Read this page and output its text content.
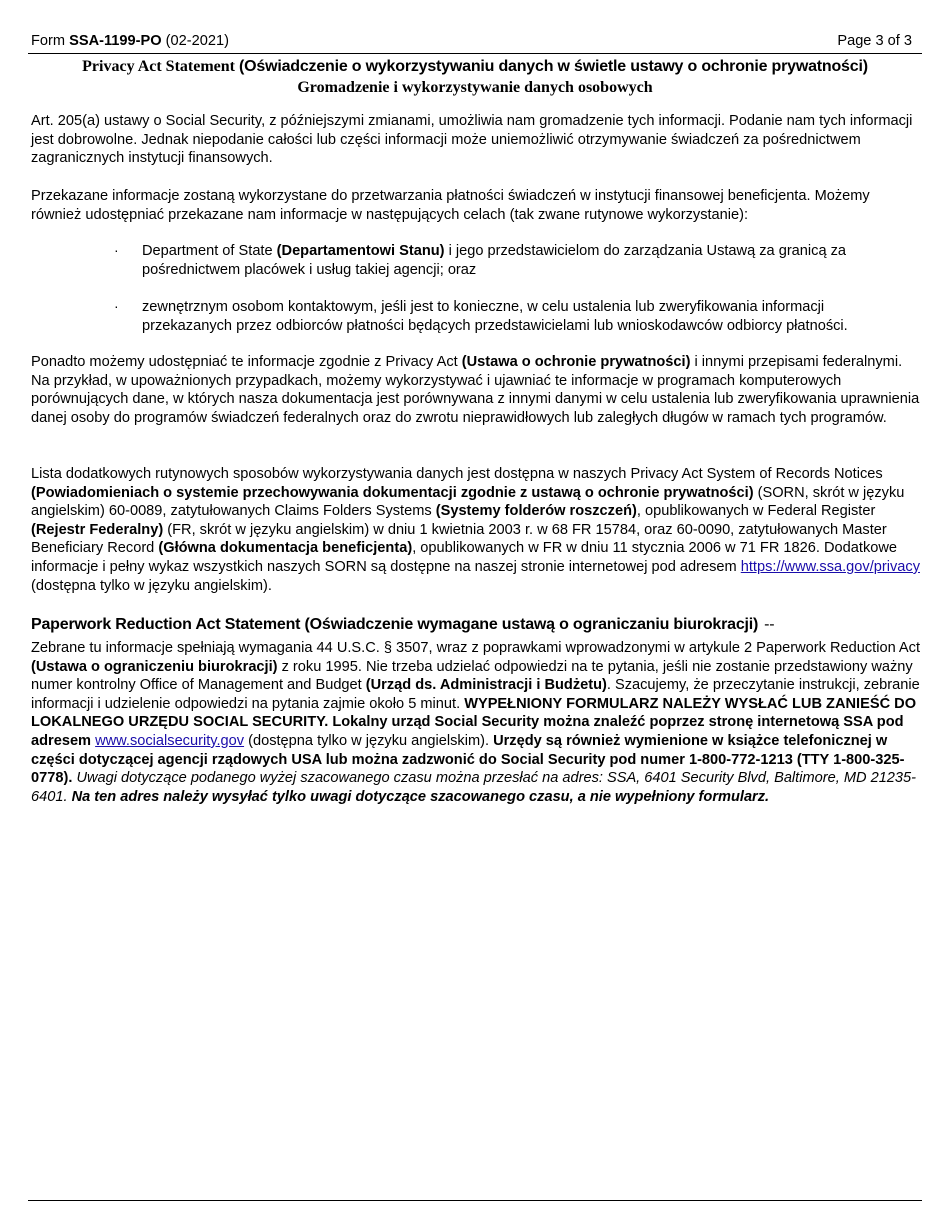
Form SSA-1199-PO (02-2021)	Page 3 of 3
Privacy Act Statement (Oświadczenie o wykorzystywaniu danych w świetle ustawy o ochronie prywatności)
Gromadzenie i wykorzystywanie danych osobowych

Art. 205(a) ustawy o Social Security, z późniejszymi zmianami, umożliwia nam gromadzenie tych informacji. Podanie nam tych informacji jest dobrowolne. Jednak niepodanie całości lub części informacji może uniemożliwić otrzymywanie świadczeń za pośrednictwem zagranicznych instytucji finansowych.

Przekazane informacje zostaną wykorzystane do przetwarzania płatności świadczeń w instytucji finansowej beneficjenta. Możemy również udostępniać przekazane nam informacje w następujących celach (tak zwane rutynowe wykorzystanie):

· Department of State (Departamentowi Stanu) i jego przedstawicielom do zarządzania Ustawą za granicą za pośrednictwem placówek i usług takiej agencji; oraz
· zewnętrznym osobom kontaktowym, jeśli jest to konieczne, w celu ustalenia lub zweryfikowania informacji przekazanych przez odbiorców płatności będących przedstawicielami lub wnioskodawców odbiorcy płatności.

Ponadto możemy udostępniać te informacje zgodnie z Privacy Act (Ustawa o ochronie prywatności) i innymi przepisami federalnymi. Na przykład, w upoważnionych przypadkach, możemy wykorzystywać i ujawniać te informacje w programach komputerowych porównujących dane, w których nasza dokumentacja jest porównywana z innymi danymi w celu ustalenia lub zweryfikowania uprawnienia danej osoby do programów świadczeń federalnych oraz do zwrotu nieprawidłowych lub zaległych długów w ramach tych programów.

Lista dodatkowych rutynowych sposobów wykorzystywania danych jest dostępna w naszych Privacy Act System of Records Notices (Powiadomieniach o systemie przechowywania dokumentacji zgodnie z ustawą o ochronie prywatności) (SORN, skrót w języku angielskim) 60-0089, zatytułowanych Claims Folders Systems (Systemy folderów roszczeń), opublikowanych w Federal Register (Rejestr Federalny) (FR, skrót w języku angielskim) w dniu 1 kwietnia 2003 r. w 68 FR 15784, oraz 60-0090, zatytułowanych Master Beneficiary Record (Główna dokumentacja beneficjenta), opublikowanych w FR w dniu 11 stycznia 2006 w 71 FR 1826. Dodatkowe informacje i pełny wykaz wszystkich naszych SORN są dostępne na naszej stronie internetowej pod adresem https://www.ssa.gov/privacy (dostępna tylko w języku angielskim).

Paperwork Reduction Act Statement (Oświadczenie wymagane ustawą o ograniczaniu biurokracji) --

Zebrane tu informacje spełniają wymagania 44 U.S.C. § 3507, wraz z poprawkami wprowadzonymi w artykule 2 Paperwork Reduction Act (Ustawa o ograniczeniu biurokracji) z roku 1995. Nie trzeba udzielać odpowiedzi na te pytania, jeśli nie zostanie przedstawiony ważny numer kontrolny Office of Management and Budget (Urząd ds. Administracji i Budżetu). Szacujemy, że przeczytanie instrukcji, zebranie informacji i udzielenie odpowiedzi na pytania zajmie około 5 minut. WYPEŁNIONY FORMULARZ NALEŻY WYSŁAĆ LUB ZANIEŚĆ DO LOKALNEGO URZĘDU SOCIAL SECURITY. Lokalny urząd Social Security można znaleźć poprzez stronę internetową SSA pod adresem www.socialsecurity.gov (dostępna tylko w języku angielskim). Urzędy są również wymienione w książce telefonicznej w części dotyczącej agencji rządowych USA lub można zadzwonić do Social Security pod numer 1-800-772-1213 (TTY 1-800-325-0778). Uwagi dotyczące podanego wyżej szacowanego czasu można przesłać na adres: SSA, 6401 Security Blvd, Baltimore, MD 21235-6401. Na ten adres należy wysyłać tylko uwagi dotyczące szacowanego czasu, a nie wypełniony formularz.
